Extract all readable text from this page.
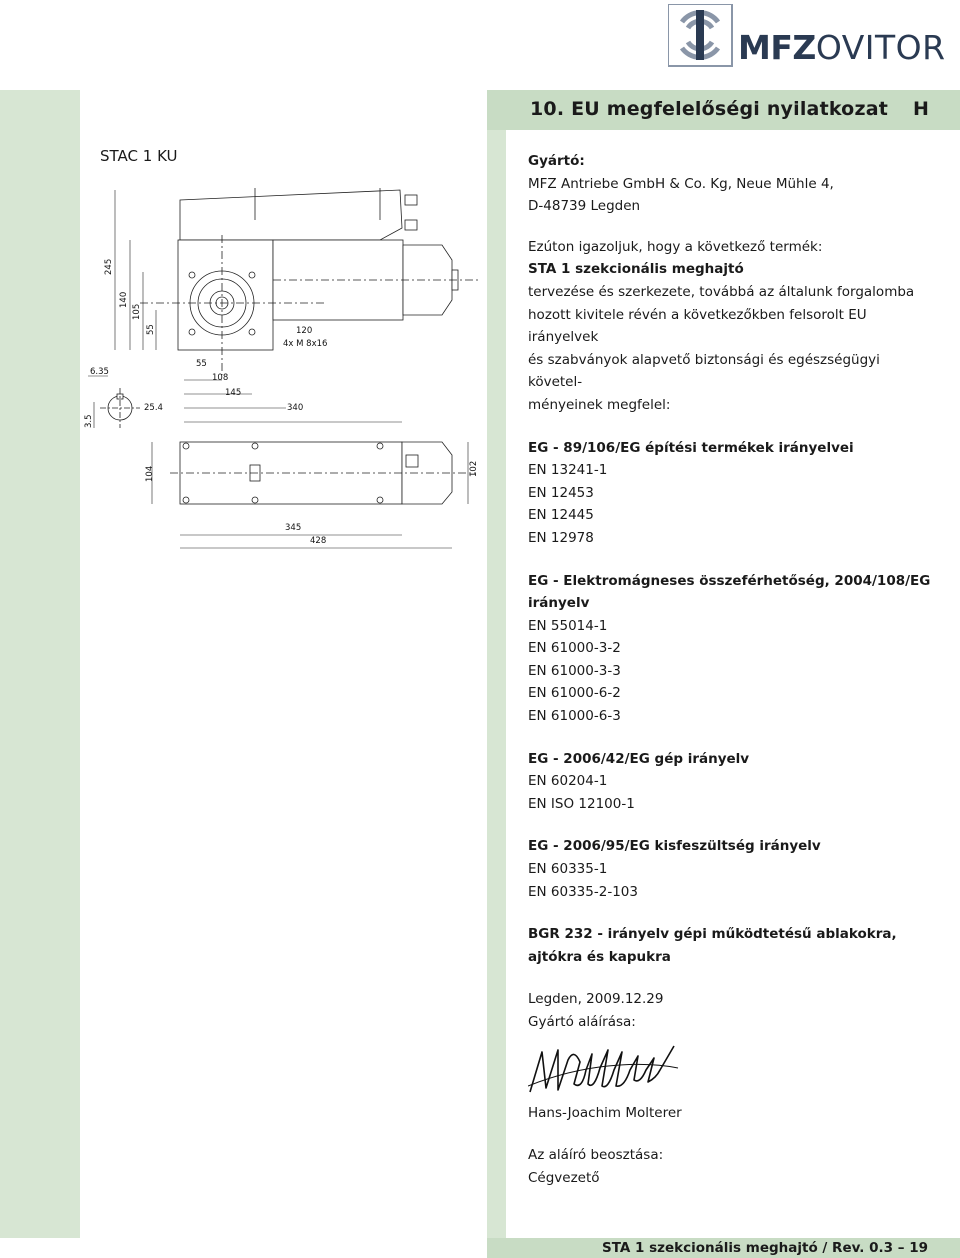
10. EU megfelelőségi nyilatkozat H
MFZOVITOR
STAC 1 KU
245
140
105
55
6.35
3.5
25.4
55
108
145
340
120
4x M 8x16
104	102
345
428

Gyártó:

MFZ Antriebe GmbH & Co. Kg, Neue Mühle 4,

D-48739 Legden

Ezúton igazoljuk, hogy a következő termék:

STA 1 szekcionális meghajtó

tervezése és szerkezete, továbbá az általunk forgalomba

hozott kivitele révén a következőkben felsorolt EU irányelvek

és szabványok alapvető biztonsági és egészségügyi követel-

ményeinek megfelel:

EG - 89/106/EG építési termékek irányelvei

EN 13241-1

EN 12453

EN 12445

EN 12978

EG - Elektromágneses összeférhetőség, 2004/108/EG

irányelv

EN 55014-1

EN 61000-3-2

EN 61000-3-3

EN 61000-6-2

EN 61000-6-3

EG - 2006/42/EG gép irányelv

EN 60204-1

EN ISO 12100-1

EG - 2006/95/EG kisfeszültség irányelv

EN 60335-1

EN 60335-2-103

BGR 232 - irányelv gépi működtetésű ablakokra,

ajtókra és kapukra

Legden, 2009.12.29

Gyártó aláírása:

Hans-Joachim Molterer

Az aláíró beosztása:

Cégvezető

STA 1 szekcionális meghajtó / Rev. 0.3 – 19
